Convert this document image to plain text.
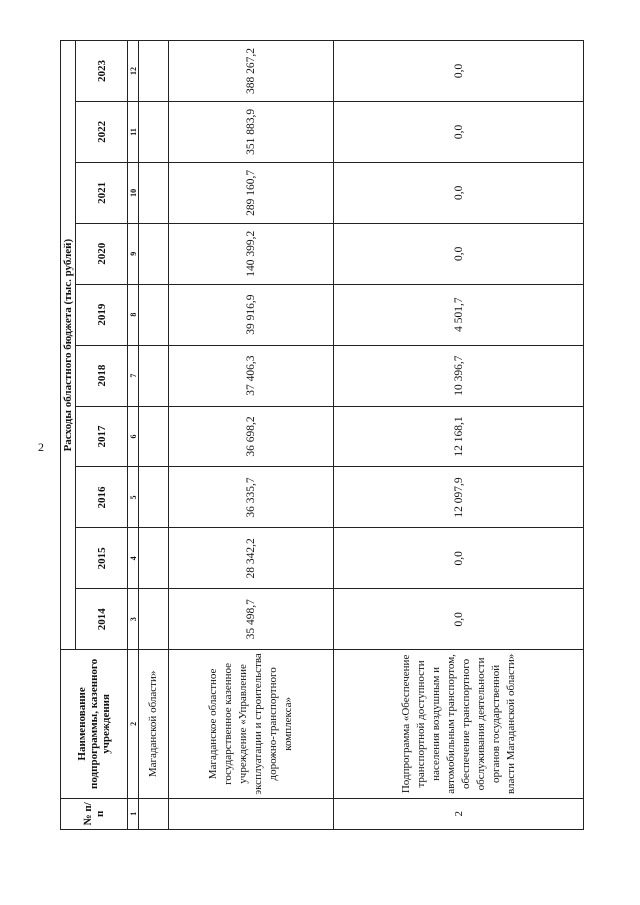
2
№ п/п	Наименование подпрограммы, казенного учреждения	Расходы областного бюджета (тыс. рублей)									
		2014	2015	2016	2017	2018	2019	2020	2021	2022	2023
1	2	3	4	5	6	7	8	9	10	11	12
	Магаданской области»										
	Магаданское областное государственное казенное учреждение «Управление эксплуатации и строительства дорожно-транспортного комплекса»	35 498,7	28 342,2	36 335,7	36 698,2	37 406,3	39 916,9	140 399,2	289 160,7	351 883,9	388 267,2
2	Подпрограмма «Обеспечение транспортной доступности населения воздушным и автомобильным транспортом, обеспечение транспортного обслуживания деятельности органов государственной власти Магаданской области»	0,0	0,0	12 097,9	12 168,1	10 396,7	4 501,7	0,0	0,0	0,0	0,0
